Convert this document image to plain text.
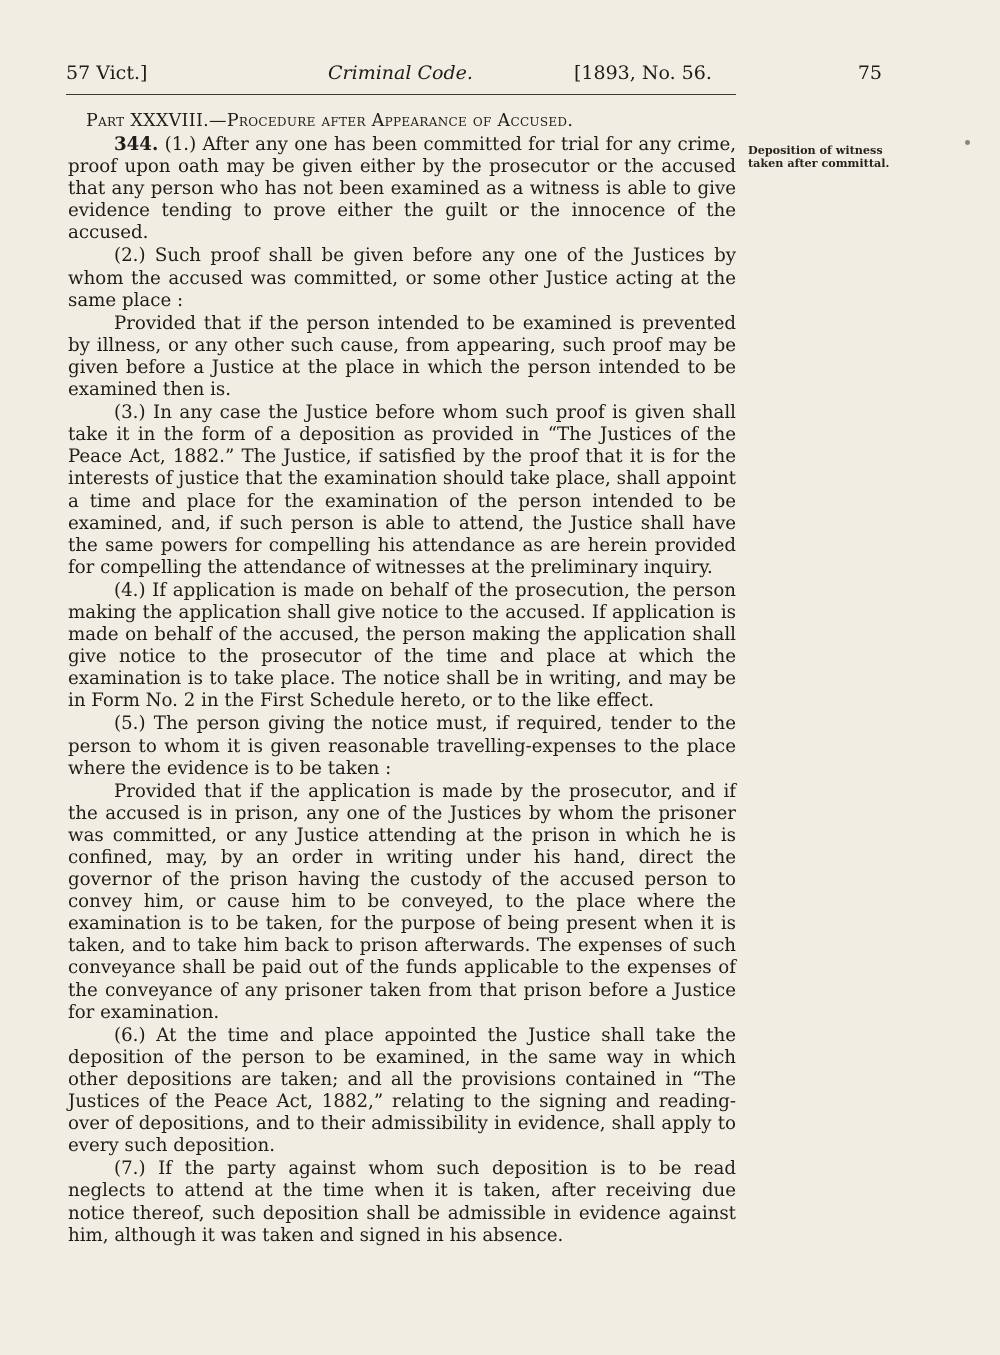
57 Vict.]	Criminal Code.	[1893, No. 56.	75
Part XXXVIII.—Procedure after Appearance of Accused.
Deposition of witness taken after committal.

344. (1.) After any one has been committed for trial for any crime, proof upon oath may be given either by the prosecutor or the accused that any person who has not been examined as a witness is able to give evidence tending to prove either the guilt or the innocence of the accused.

(2.) Such proof shall be given before any one of the Justices by whom the accused was committed, or some other Justice acting at the same place :

Provided that if the person intended to be examined is prevented by illness, or any other such cause, from appearing, such proof may be given before a Justice at the place in which the person intended to be examined then is.

(3.) In any case the Justice before whom such proof is given shall take it in the form of a deposition as provided in “The Justices of the Peace Act, 1882.” The Justice, if satisfied by the proof that it is for the interests of justice that the examination should take place, shall appoint a time and place for the examination of the person intended to be examined, and, if such person is able to attend, the Justice shall have the same powers for compelling his attendance as are herein provided for compelling the attendance of witnesses at the preliminary inquiry.

(4.) If application is made on behalf of the prosecution, the person making the application shall give notice to the accused. If application is made on behalf of the accused, the person making the application shall give notice to the prosecutor of the time and place at which the examination is to take place. The notice shall be in writing, and may be in Form No. 2 in the First Schedule hereto, or to the like effect.

(5.) The person giving the notice must, if required, tender to the person to whom it is given reasonable travelling-expenses to the place where the evidence is to be taken :

Provided that if the application is made by the prosecutor, and if the accused is in prison, any one of the Justices by whom the prisoner was committed, or any Justice attending at the prison in which he is confined, may, by an order in writing under his hand, direct the governor of the prison having the custody of the accused person to convey him, or cause him to be conveyed, to the place where the examination is to be taken, for the purpose of being present when it is taken, and to take him back to prison afterwards. The expenses of such conveyance shall be paid out of the funds applicable to the expenses of the conveyance of any prisoner taken from that prison before a Justice for examination.

(6.) At the time and place appointed the Justice shall take the deposition of the person to be examined, in the same way in which other depositions are taken; and all the provisions contained in “The Justices of the Peace Act, 1882,” relating to the signing and reading-over of depositions, and to their admissibility in evidence, shall apply to every such deposition.

(7.) If the party against whom such deposition is to be read neglects to attend at the time when it is taken, after receiving due notice thereof, such deposition shall be admissible in evidence against him, although it was taken and signed in his absence.
